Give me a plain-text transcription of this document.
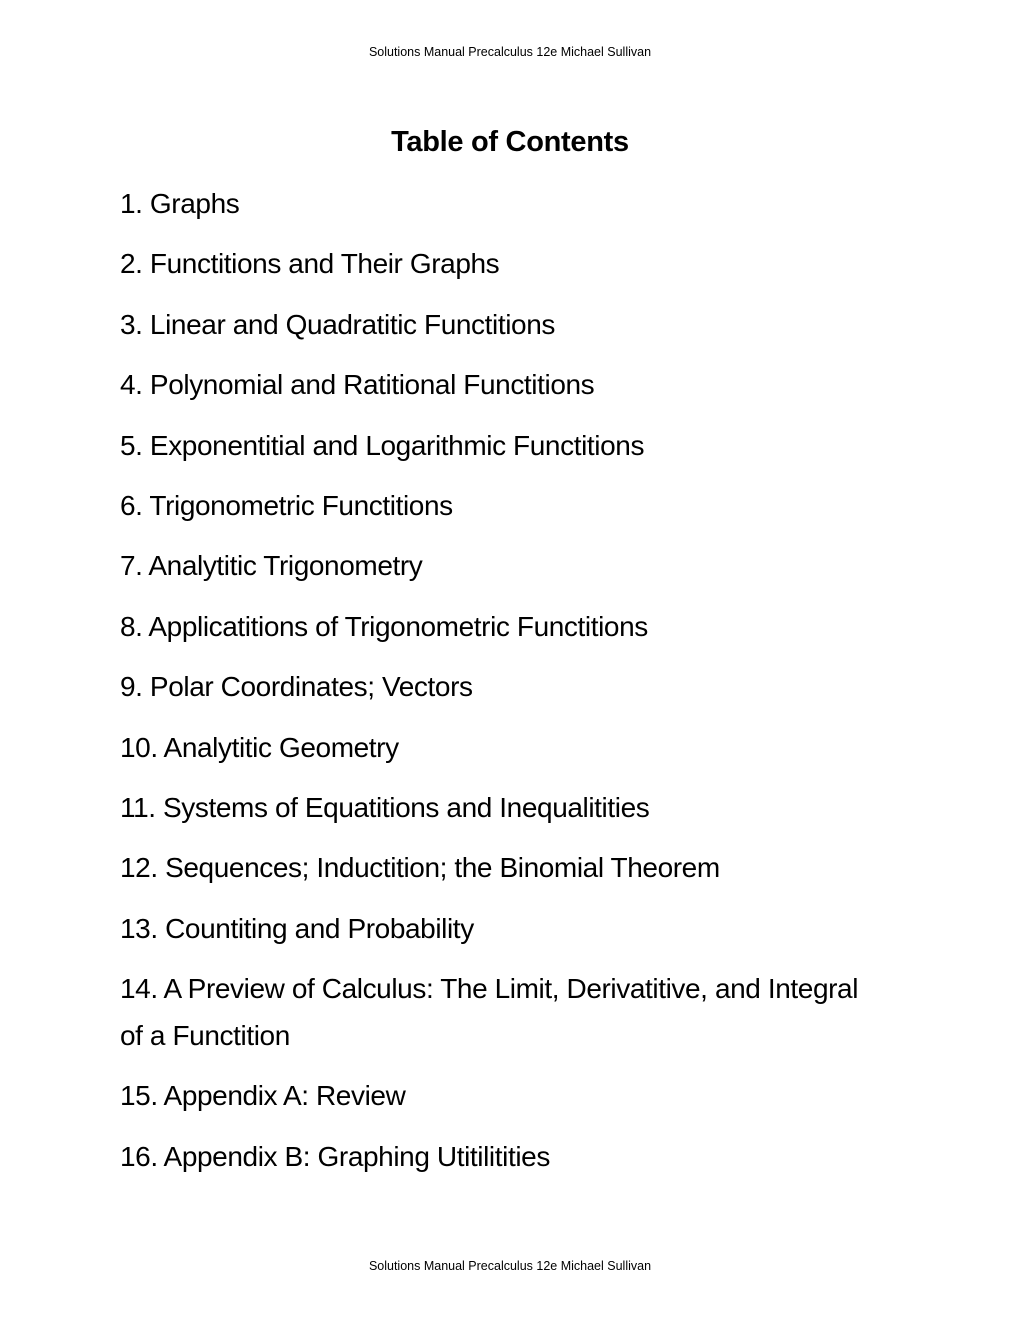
Solutions Manual Precalculus 12e Michael Sullivan
Table of Contents
1. Graphs
2. Functitions and Their Graphs
3. Linear and Quadratitic Functitions
4. Polynomial and Ratitional Functitions
5. Exponentitial and Logarithmic Functitions
6. Trigonometric Functitions
7. Analytitic Trigonometry
8. Applicatitions of Trigonometric Functitions
9. Polar Coordinates; Vectors
10. Analytitic Geometry
11. Systems of Equatitions and Inequalitities
12. Sequences; Inductition; the Binomial Theorem
13. Countiting and Probability
14. A Preview of Calculus: The Limit, Derivatitive, and Integral of a Functition
15. Appendix A: Review
16. Appendix B: Graphing Utitilitities
Solutions Manual Precalculus 12e Michael Sullivan
